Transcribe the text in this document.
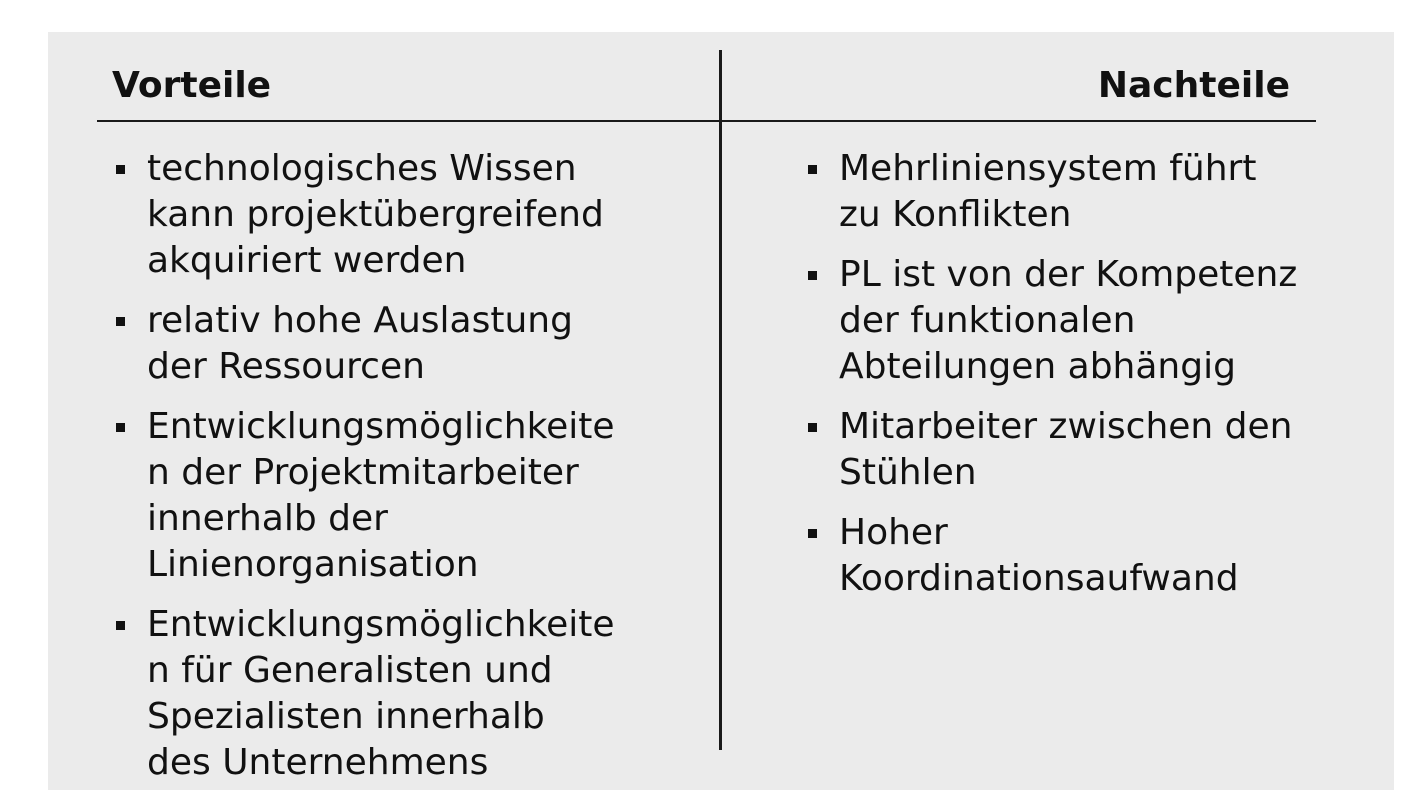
Vorteile	Nachteile
technologisches Wissen
kann projektübergreifend
akquiriert werden
relativ hohe Auslastung
der Ressourcen
Entwicklungsmöglichkeite
n der Projektmitarbeiter
innerhalb der
Linienorganisation
Entwicklungsmöglichkeite
n für Generalisten und
Spezialisten innerhalb
des Unternehmens
Mehrliniensystem führt
zu Konflikten
PL ist von der Kompetenz
der funktionalen
Abteilungen abhängig
Mitarbeiter zwischen den
Stühlen
Hoher
Koordinationsaufwand
